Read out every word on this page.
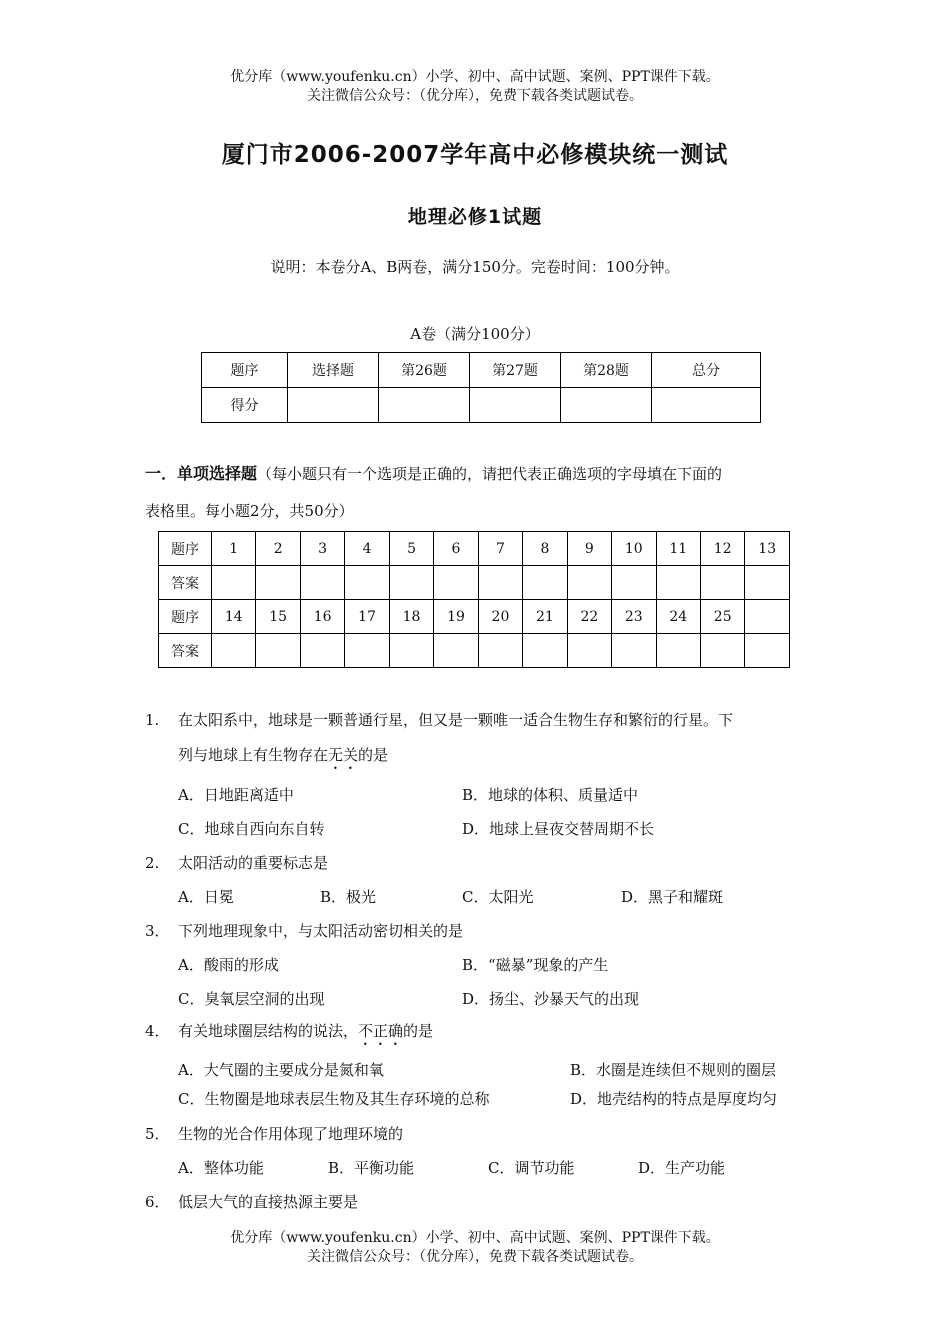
优分库（www.youfenku.cn）小学、初中、高中试题、案例、PPT课件下载。
关注微信公众号：（优分库），免费下载各类试题试卷。
厦门市2006-2007学年高中必修模块统一测试
地理必修1试题
说明：本卷分A、B两卷，满分150分。完卷时间：100分钟。
A卷（满分100分）
题序	选择题	第26题	第27题	第28题	总分
得分					
一．单项选择题（每小题只有一个选项是正确的，请把代表正确选项的字母填在下面的
表格里。每小题2分，共50分）
题序	1	2	3	4	5	6	7	8	9	10	11	12	13
答案													
题序	14	15	16	17	18	19	20	21	22	23	24	25	
答案													
1. 在太阳系中，地球是一颗普通行星，但又是一颗唯一适合生物生存和繁衍的行星。下
列与地球上有生物存在无关的是
A．日地距离适中	B．地球的体积、质量适中
C．地球自西向东自转	D．地球上昼夜交替周期不长
2. 太阳活动的重要标志是
A．日冕	B．极光	C．太阳光	D．黑子和耀斑
3． 下列地理现象中，与太阳活动密切相关的是
A．酸雨的形成	B．“磁暴”现象的产生
C．臭氧层空洞的出现	D．扬尘、沙暴天气的出现
4． 有关地球圈层结构的说法，不正确的是
A．大气圈的主要成分是氮和氧	B．水圈是连续但不规则的圈层
C．生物圈是地球表层生物及其生存环境的总称	D．地壳结构的特点是厚度均匀
5． 生物的光合作用体现了地理环境的
A．整体功能	B．平衡功能	C．调节功能	D．生产功能
6． 低层大气的直接热源主要是
优分库（www.youfenku.cn）小学、初中、高中试题、案例、PPT课件下载。
关注微信公众号：（优分库），免费下载各类试题试卷。
